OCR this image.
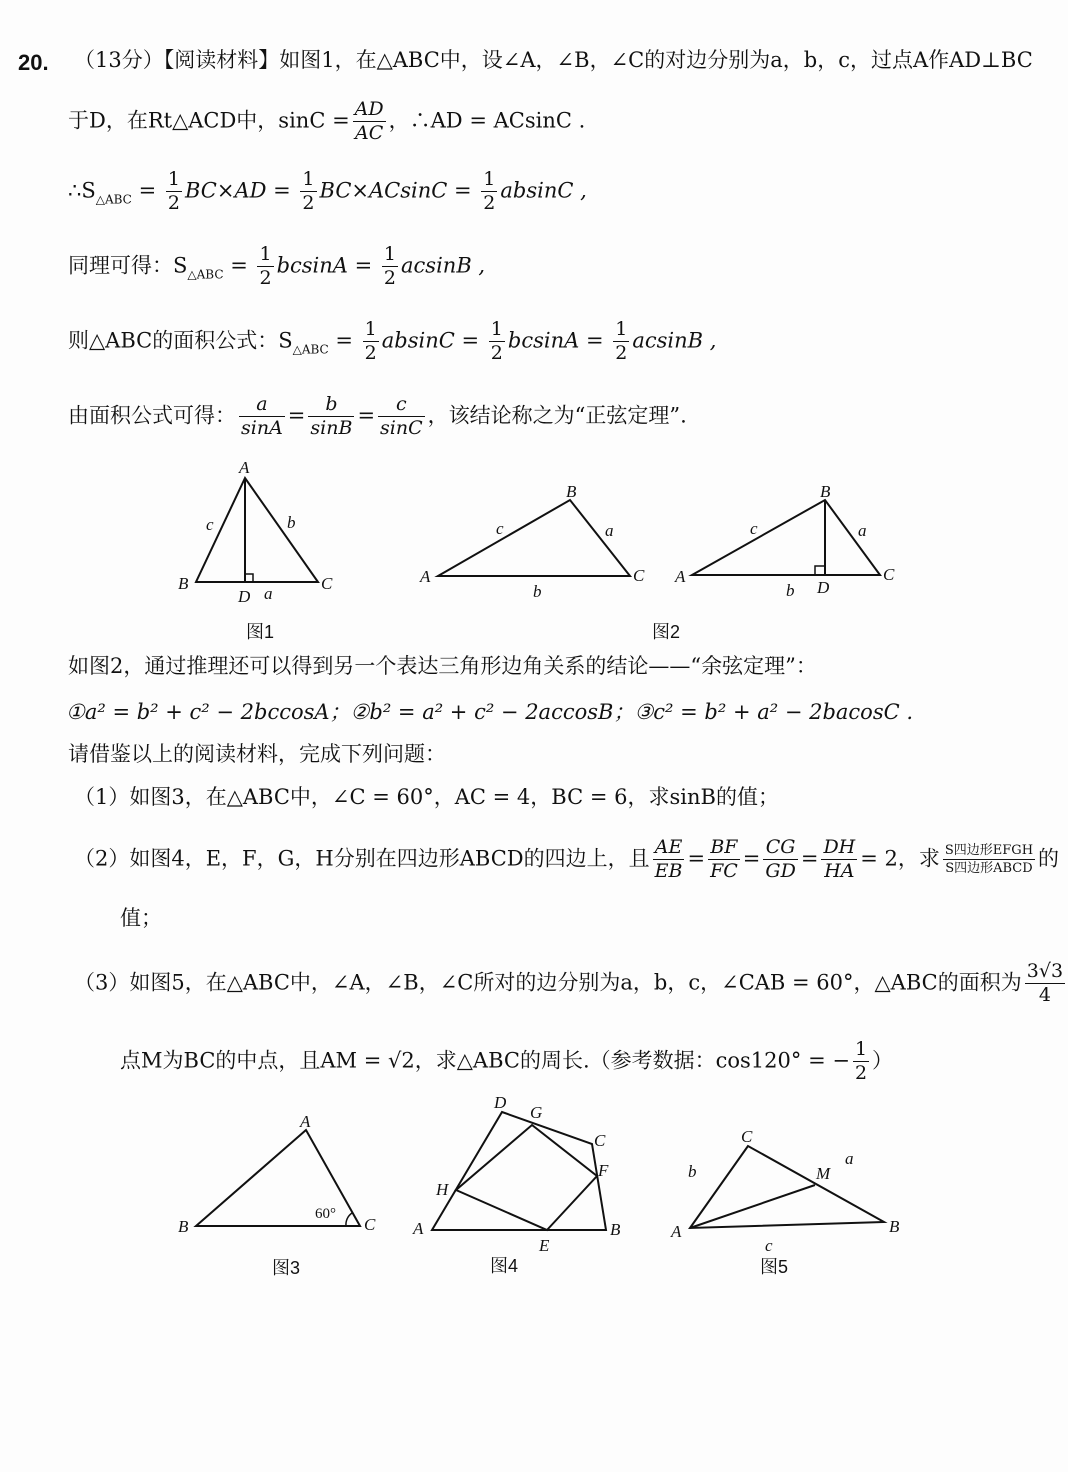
20. （13分）【阅读材料】如图1，在△ABC中，设∠A，∠B，∠C的对边分别为a，b，c，过点A作AD⊥BC
于D，在Rt△ACD中，$\sin C = \frac{AD}{AC}$ ，∴AD = ACsinC .
$\therefore S_{\triangle ABC} = \frac{1}{2} BC\times AD = \frac{1}{2} BC\times ACsinC = \frac{1}{2}$ absinC ,
同理可得：$S_{\triangle ABC} = \frac{1}{2}$ $bcsinA = \frac{1}{2}$ acsinB ,
则△ABC的面积公式：$S_{\triangle ABC} = \frac{1}{2}$ $absinC = \frac{1}{2}$ $bcsinA = \frac{1}{2}$ acsinB ,
由面积公式可得： $\frac{a}{\sin A} = \frac{b}{\sin B} = \frac{c}{\sin C}$ ，该结论称之为“正弦定理”.
A
B	C
D a
b
c
图1
A
B
C
a
b
c
A
B
C
D
a
b
c
图2
如图2，通过推理还可以得到另一个表达三角形边角关系的结论——“余弦定理”：
①a² = b² + c² − 2bccosA；②b² = a² + c² − 2accosB；③c² = b² + a² − 2bacosC .
请借鉴以上的阅读材料，完成下列问题：
（1）如图3，在△ABC中，∠C = 60°，AC = 4，BC = 6，求sinB的值；
（2）如图4，E，F，G，H分别在四边形ABCD的四边上，且 $\frac{AE}{EB} = \frac{BF}{FC} = \frac{CG}{GD} = \frac{DH}{HA} = 2$，求 $\frac{\text{S四边形EFGH}}{\text{S四边形ABCD}}$ 的
值；
（3）如图5，在△ABC中，∠A，∠B，∠C所对的边分别为a，b，c，∠CAB = 60°，△ABC的面积为 $\frac{3√3}{4}$
点M为BC的中点，且AM = √2，求△ABC的周长.（参考数据：cos120° = − $\frac{1}{2}$ ）
A
B	C
60°
图3
D
G
C
F
H
A
E
B
图4
C
b	M
a
A	B
c
图5
